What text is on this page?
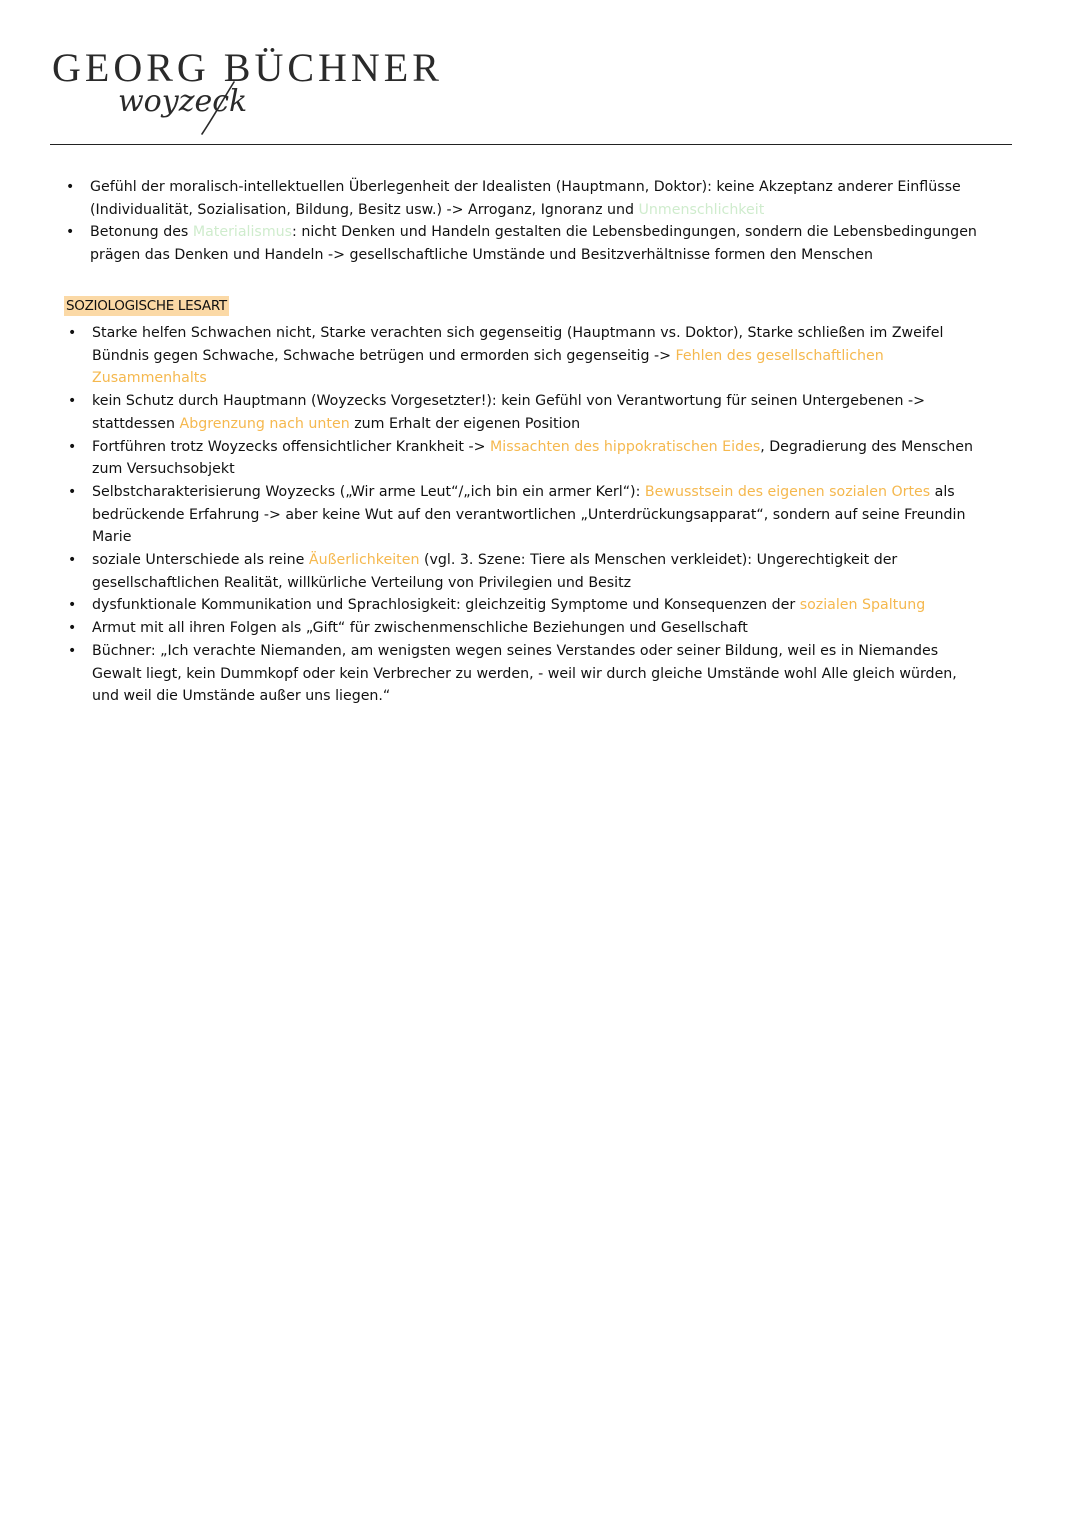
GEORG BÜCHNER
woyzeck
• Gefühl der moralisch-intellektuellen Überlegenheit der Idealisten (Hauptmann, Doktor): keine Akzeptanz anderer Einflüsse (Individualität, Sozialisation, Bildung, Besitz usw.) -> Arroganz, Ignoranz und Unmenschlichkeit
• Betonung des Materialismus: nicht Denken und Handeln gestalten die Lebensbedingungen, sondern die Lebensbedingungen prägen das Denken und Handeln -> gesellschaftliche Umstände und Besitzverhältnisse formen den Menschen
SOZIOLOGISCHE LESART
• Starke helfen Schwachen nicht, Starke verachten sich gegenseitig (Hauptmann vs. Doktor), Starke schließen im Zweifel Bündnis gegen Schwache, Schwache betrügen und ermorden sich gegenseitig -> Fehlen des gesellschaftlichen Zusammenhalts
• kein Schutz durch Hauptmann (Woyzecks Vorgesetzter!): kein Gefühl von Verantwortung für seinen Untergebenen -> stattdessen Abgrenzung nach unten zum Erhalt der eigenen Position
• Fortführen trotz Woyzecks offensichtlicher Krankheit -> Missachten des hippokratischen Eides, Degradierung des Menschen zum Versuchsobjekt
• Selbstcharakterisierung Woyzecks („Wir arme Leut“/„ich bin ein armer Kerl“): Bewusstsein des eigenen sozialen Ortes als bedrückende Erfahrung -> aber keine Wut auf den verantwortlichen „Unterdrückungsapparat“, sondern auf seine Freundin Marie
• soziale Unterschiede als reine Äußerlichkeiten (vgl. 3. Szene: Tiere als Menschen verkleidet): Ungerechtigkeit der gesellschaftlichen Realität, willkürliche Verteilung von Privilegien und Besitz
• dysfunktionale Kommunikation und Sprachlosigkeit: gleichzeitig Symptome und Konsequenzen der sozialen Spaltung
• Armut mit all ihren Folgen als „Gift“ für zwischenmenschliche Beziehungen und Gesellschaft
• Büchner: „Ich verachte Niemanden, am wenigsten wegen seines Verstandes oder seiner Bildung, weil es in Niemandes Gewalt liegt, kein Dummkopf oder kein Verbrecher zu werden, - weil wir durch gleiche Umstände wohl Alle gleich würden, und weil die Umstände außer uns liegen.“
